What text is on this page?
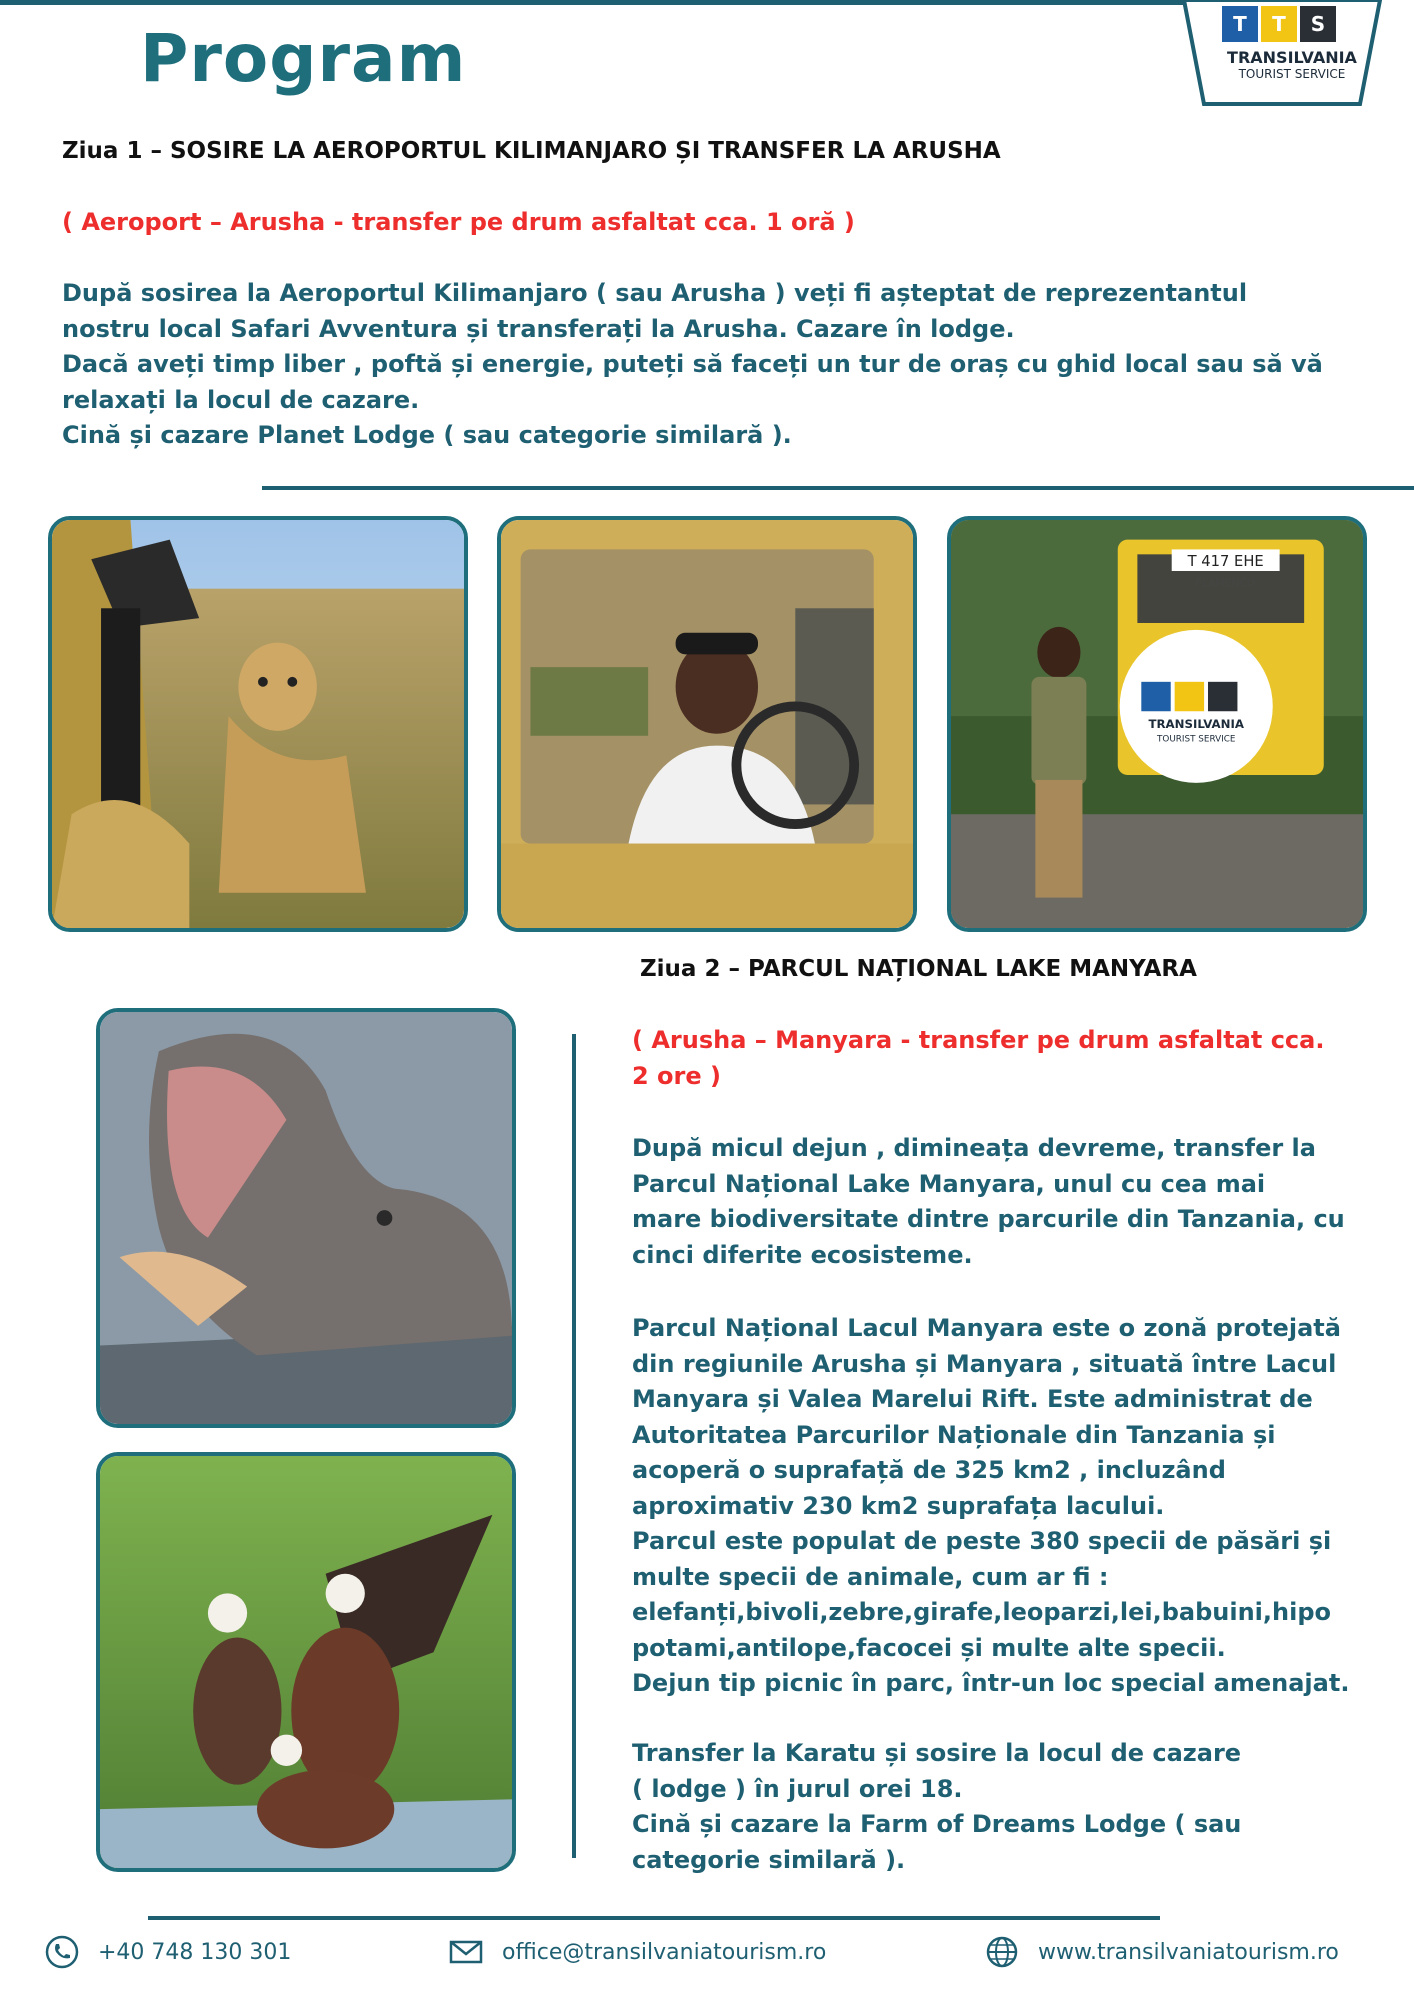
Program	T	T	S
TRANSILVANIA
TOURIST SERVICE
Ziua 1 – SOSIRE LA AEROPORTUL KILIMANJARO ȘI TRANSFER LA ARUSHA
( Aeroport – Arusha - transfer pe drum asfaltat cca. 1 oră )
După sosirea la Aeroportul Kilimanjaro ( sau Arusha ) veți fi așteptat de reprezentantul
nostru local Safari Avventura și transferați la Arusha. Cazare în lodge.
Dacă aveți timp liber , poftă și energie, puteți să faceți un tur de oraș cu ghid local sau să vă
relaxați la locul de cazare.
Cină și cazare Planet Lodge ( sau categorie similară ).
T 417 EHE
FLAMENCO
TRANSILVANIA
TOURIST SERVICE
Ziua 2 – PARCUL NAȚIONAL LAKE MANYARA
( Arusha – Manyara - transfer pe drum asfaltat cca.
2 ore )
După micul dejun , dimineața devreme, transfer la
Parcul Național Lake Manyara, unul cu cea mai
mare biodiversitate dintre parcurile din Tanzania, cu
cinci diferite ecosisteme.
Parcul Național Lacul Manyara este o zonă protejată
din regiunile Arusha și Manyara , situată între Lacul
Manyara și Valea Marelui Rift. Este administrat de
Autoritatea Parcurilor Naționale din Tanzania și
acoperă o suprafață de 325 km2 , incluzând
aproximativ 230 km2 suprafața lacului.
Parcul este populat de peste 380 specii de păsări și
multe specii de animale, cum ar fi :
elefanți,bivoli,zebre,girafe,leoparzi,lei,babuini,hipo
potami,antilope,facocei și multe alte specii.
Dejun tip picnic în parc, într-un loc special amenajat.
Transfer la Karatu și sosire la locul de cazare
( lodge ) în jurul orei 18.
Cină și cazare la Farm of Dreams Lodge ( sau
categorie similară ).
+40 748 130 301	office@transilvaniatourism.ro	www.transilvaniatourism.ro
